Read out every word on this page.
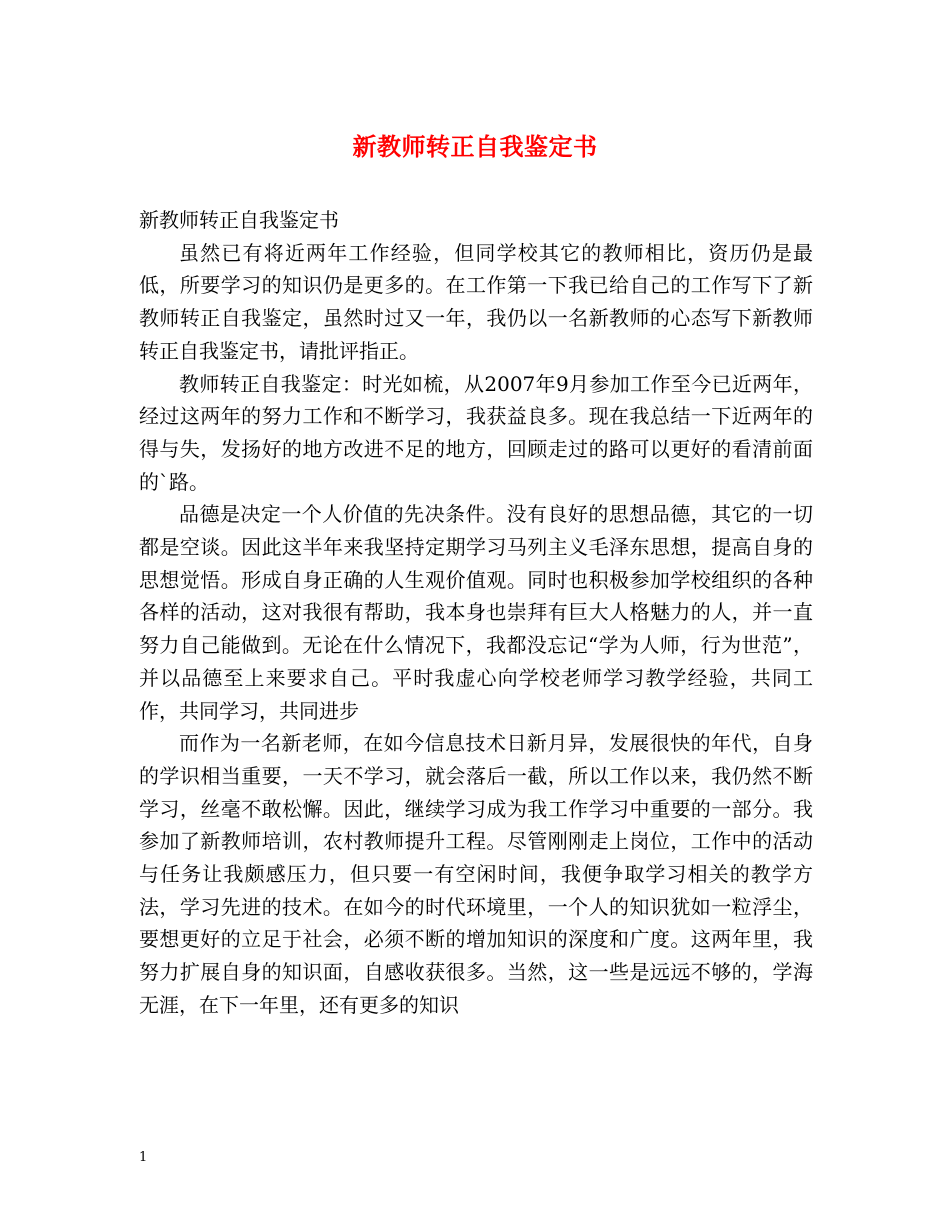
新教师转正自我鉴定书

新教师转正自我鉴定书

虽然已有将近两年工作经验，但同学校其它的教师相比，资历仍是最低，所要学习的知识仍是更多的。在工作第一下我已给自己的工作写下了新教师转正自我鉴定，虽然时过又一年，我仍以一名新教师的心态写下新教师转正自我鉴定书，请批评指正。

教师转正自我鉴定：时光如梳，从2007年9月参加工作至今已近两年，经过这两年的努力工作和不断学习，我获益良多。现在我总结一下近两年的得与失，发扬好的地方改进不足的地方，回顾走过的路可以更好的看清前面的`路。

品德是决定一个人价值的先决条件。没有良好的思想品德，其它的一切都是空谈。因此这半年来我坚持定期学习马列主义毛泽东思想，提高自身的思想觉悟。形成自身正确的人生观价值观。同时也积极参加学校组织的各种各样的活动，这对我很有帮助，我本身也崇拜有巨大人格魅力的人，并一直努力自己能做到。无论在什么情况下，我都没忘记“学为人师，行为世范”，并以品德至上来要求自己。平时我虚心向学校老师学习教学经验，共同工作，共同学习，共同进步

而作为一名新老师，在如今信息技术日新月异，发展很快的年代，自身的学识相当重要，一天不学习，就会落后一截，所以工作以来，我仍然不断学习，丝毫不敢松懈。因此，继续学习成为我工作学习中重要的一部分。我参加了新教师培训，农村教师提升工程。尽管刚刚走上岗位，工作中的活动与任务让我颇感压力，但只要一有空闲时间，我便争取学习相关的教学方法，学习先进的技术。在如今的时代环境里，一个人的知识犹如一粒浮尘，要想更好的立足于社会，必须不断的增加知识的深度和广度。这两年里，我努力扩展自身的知识面，自感收获很多。当然，这一些是远远不够的，学海无涯，在下一年里，还有更多的知识

1
